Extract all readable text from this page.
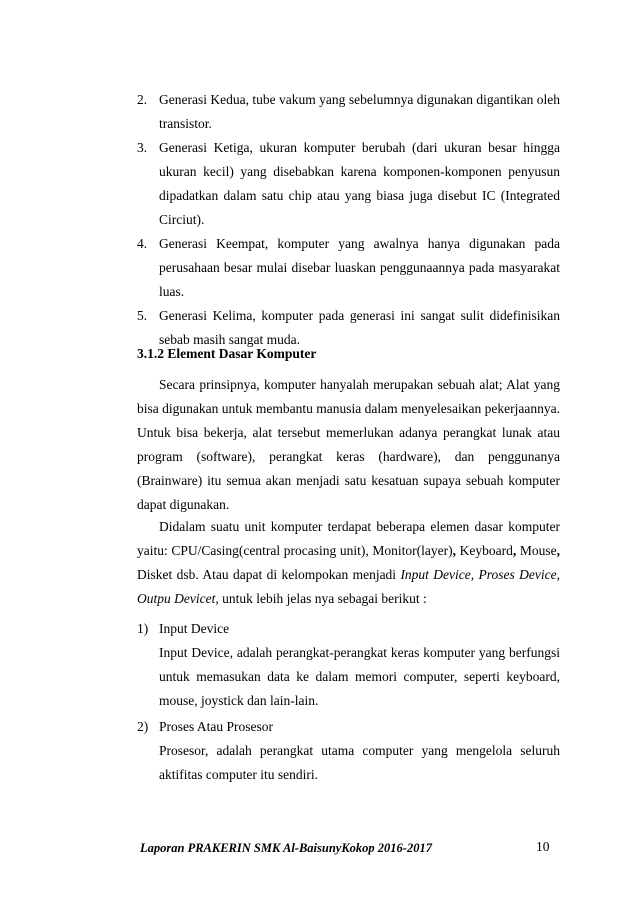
2. Generasi Kedua, tube vakum yang sebelumnya digunakan digantikan oleh transistor.

3. Generasi Ketiga, ukuran komputer berubah (dari ukuran besar hingga ukuran kecil) yang disebabkan karena komponen-komponen penyusun dipadatkan dalam satu chip atau yang biasa juga disebut IC (Integrated Circiut).

4. Generasi Keempat, komputer yang awalnya hanya digunakan pada perusahaan besar mulai disebar luaskan penggunaannya pada masyarakat luas.

5. Generasi Kelima, komputer pada generasi ini sangat sulit didefinisikan sebab masih sangat muda.

3.1.2 Element Dasar Komputer

Secara prinsipnya, komputer hanyalah merupakan sebuah alat; Alat yang bisa digunakan untuk membantu manusia dalam menyelesaikan pekerjaannya. Untuk bisa bekerja, alat tersebut memerlukan adanya perangkat lunak atau program (software), perangkat keras (hardware), dan penggunanya (Brainware) itu semua akan menjadi satu kesatuan supaya sebuah komputer dapat digunakan.

Didalam suatu unit komputer terdapat beberapa elemen dasar komputer yaitu: CPU/Casing(central procasing unit), Monitor(layer), Keyboard, Mouse, Disket dsb. Atau dapat di kelompokan menjadi Input Device, Proses Device, Outpu Devicet, untuk lebih jelas nya sebagai berikut :

1) Input Device

Input Device, adalah perangkat-perangkat keras komputer yang berfungsi untuk memasukan data ke dalam memori computer, seperti keyboard, mouse, joystick dan lain-lain.

2) Proses Atau Prosesor

Prosesor, adalah perangkat utama computer yang mengelola seluruh aktifitas computer itu sendiri.

Laporan PRAKERIN SMK Al-BaisunyKokop 2016-2017	10
